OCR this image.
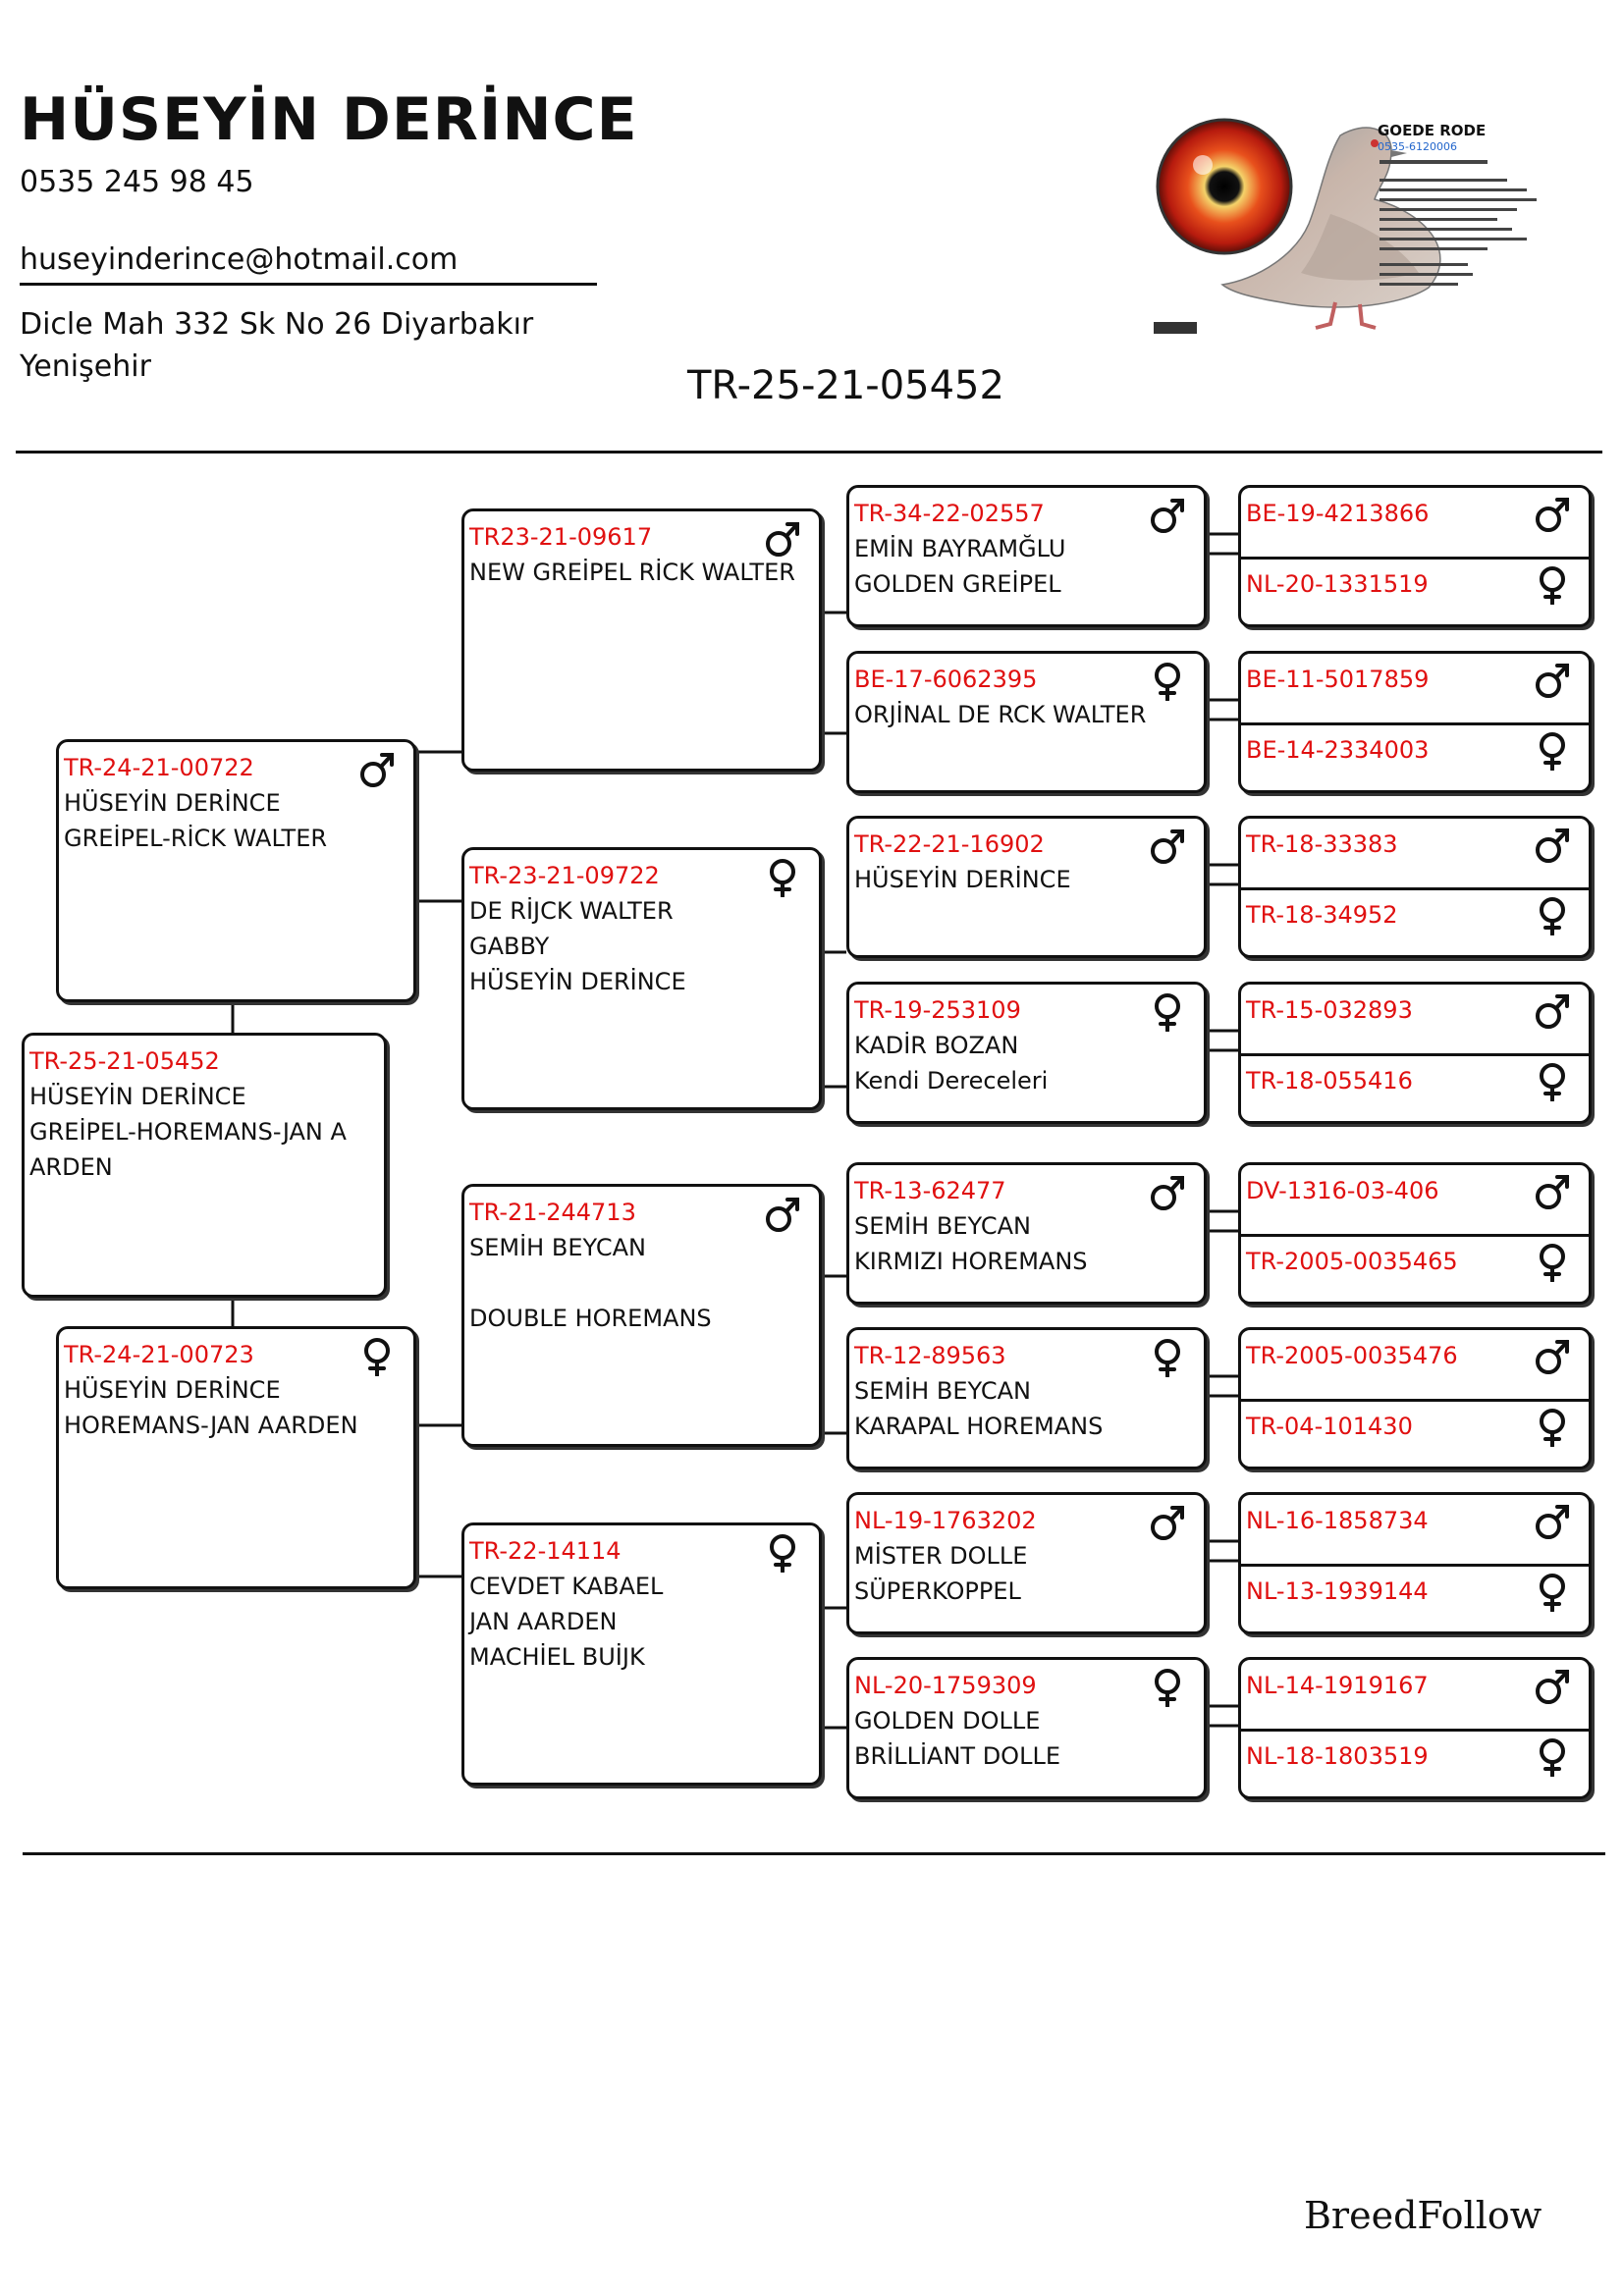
HÜSEYİN DERİNCE
0535 245 98 45
huseyinderince@hotmail.com
Dicle Mah 332 Sk No 26 Diyarbakır
Yenişehir	TR-25-21-05452
GOEDE RODE
0535-6120006
TR-25-21-05452
HÜSEYİN DERİNCE
GREİPEL-HOREMANS-JAN A
ARDEN
TR-24-21-00722
HÜSEYİN DERİNCE
GREİPEL-RİCK WALTER
TR-24-21-00723
HÜSEYİN DERİNCE
HOREMANS-JAN AARDEN
TR23-21-09617
NEW GREİPEL RİCK WALTER
TR-23-21-09722
DE RİJCK WALTER
GABBY
HÜSEYİN DERİNCE
TR-21-244713
SEMİH BEYCAN

DOUBLE HOREMANS
TR-22-14114
CEVDET KABAEL
JAN AARDEN
MACHİEL BUİJK
TR-34-22-02557
EMİN BAYRAMĞLU
GOLDEN GREİPEL
BE-17-6062395
ORJİNAL DE RCK WALTER
TR-22-21-16902
HÜSEYİN DERİNCE
TR-19-253109
KADİR BOZAN
Kendi Dereceleri
TR-13-62477
SEMİH BEYCAN
KIRMIZI HOREMANS
TR-12-89563
SEMİH BEYCAN
KARAPAL HOREMANS
NL-19-1763202
MİSTER DOLLE
SÜPERKOPPEL
NL-20-1759309
GOLDEN DOLLE
BRİLLİANT DOLLE
BE-19-4213866
NL-20-1331519
BE-11-5017859
BE-14-2334003
TR-18-33383
TR-18-34952
TR-15-032893
TR-18-055416
DV-1316-03-406
TR-2005-0035465
TR-2005-0035476
TR-04-101430
NL-16-1858734
NL-13-1939144
NL-14-1919167
NL-18-1803519
BreedFollow
